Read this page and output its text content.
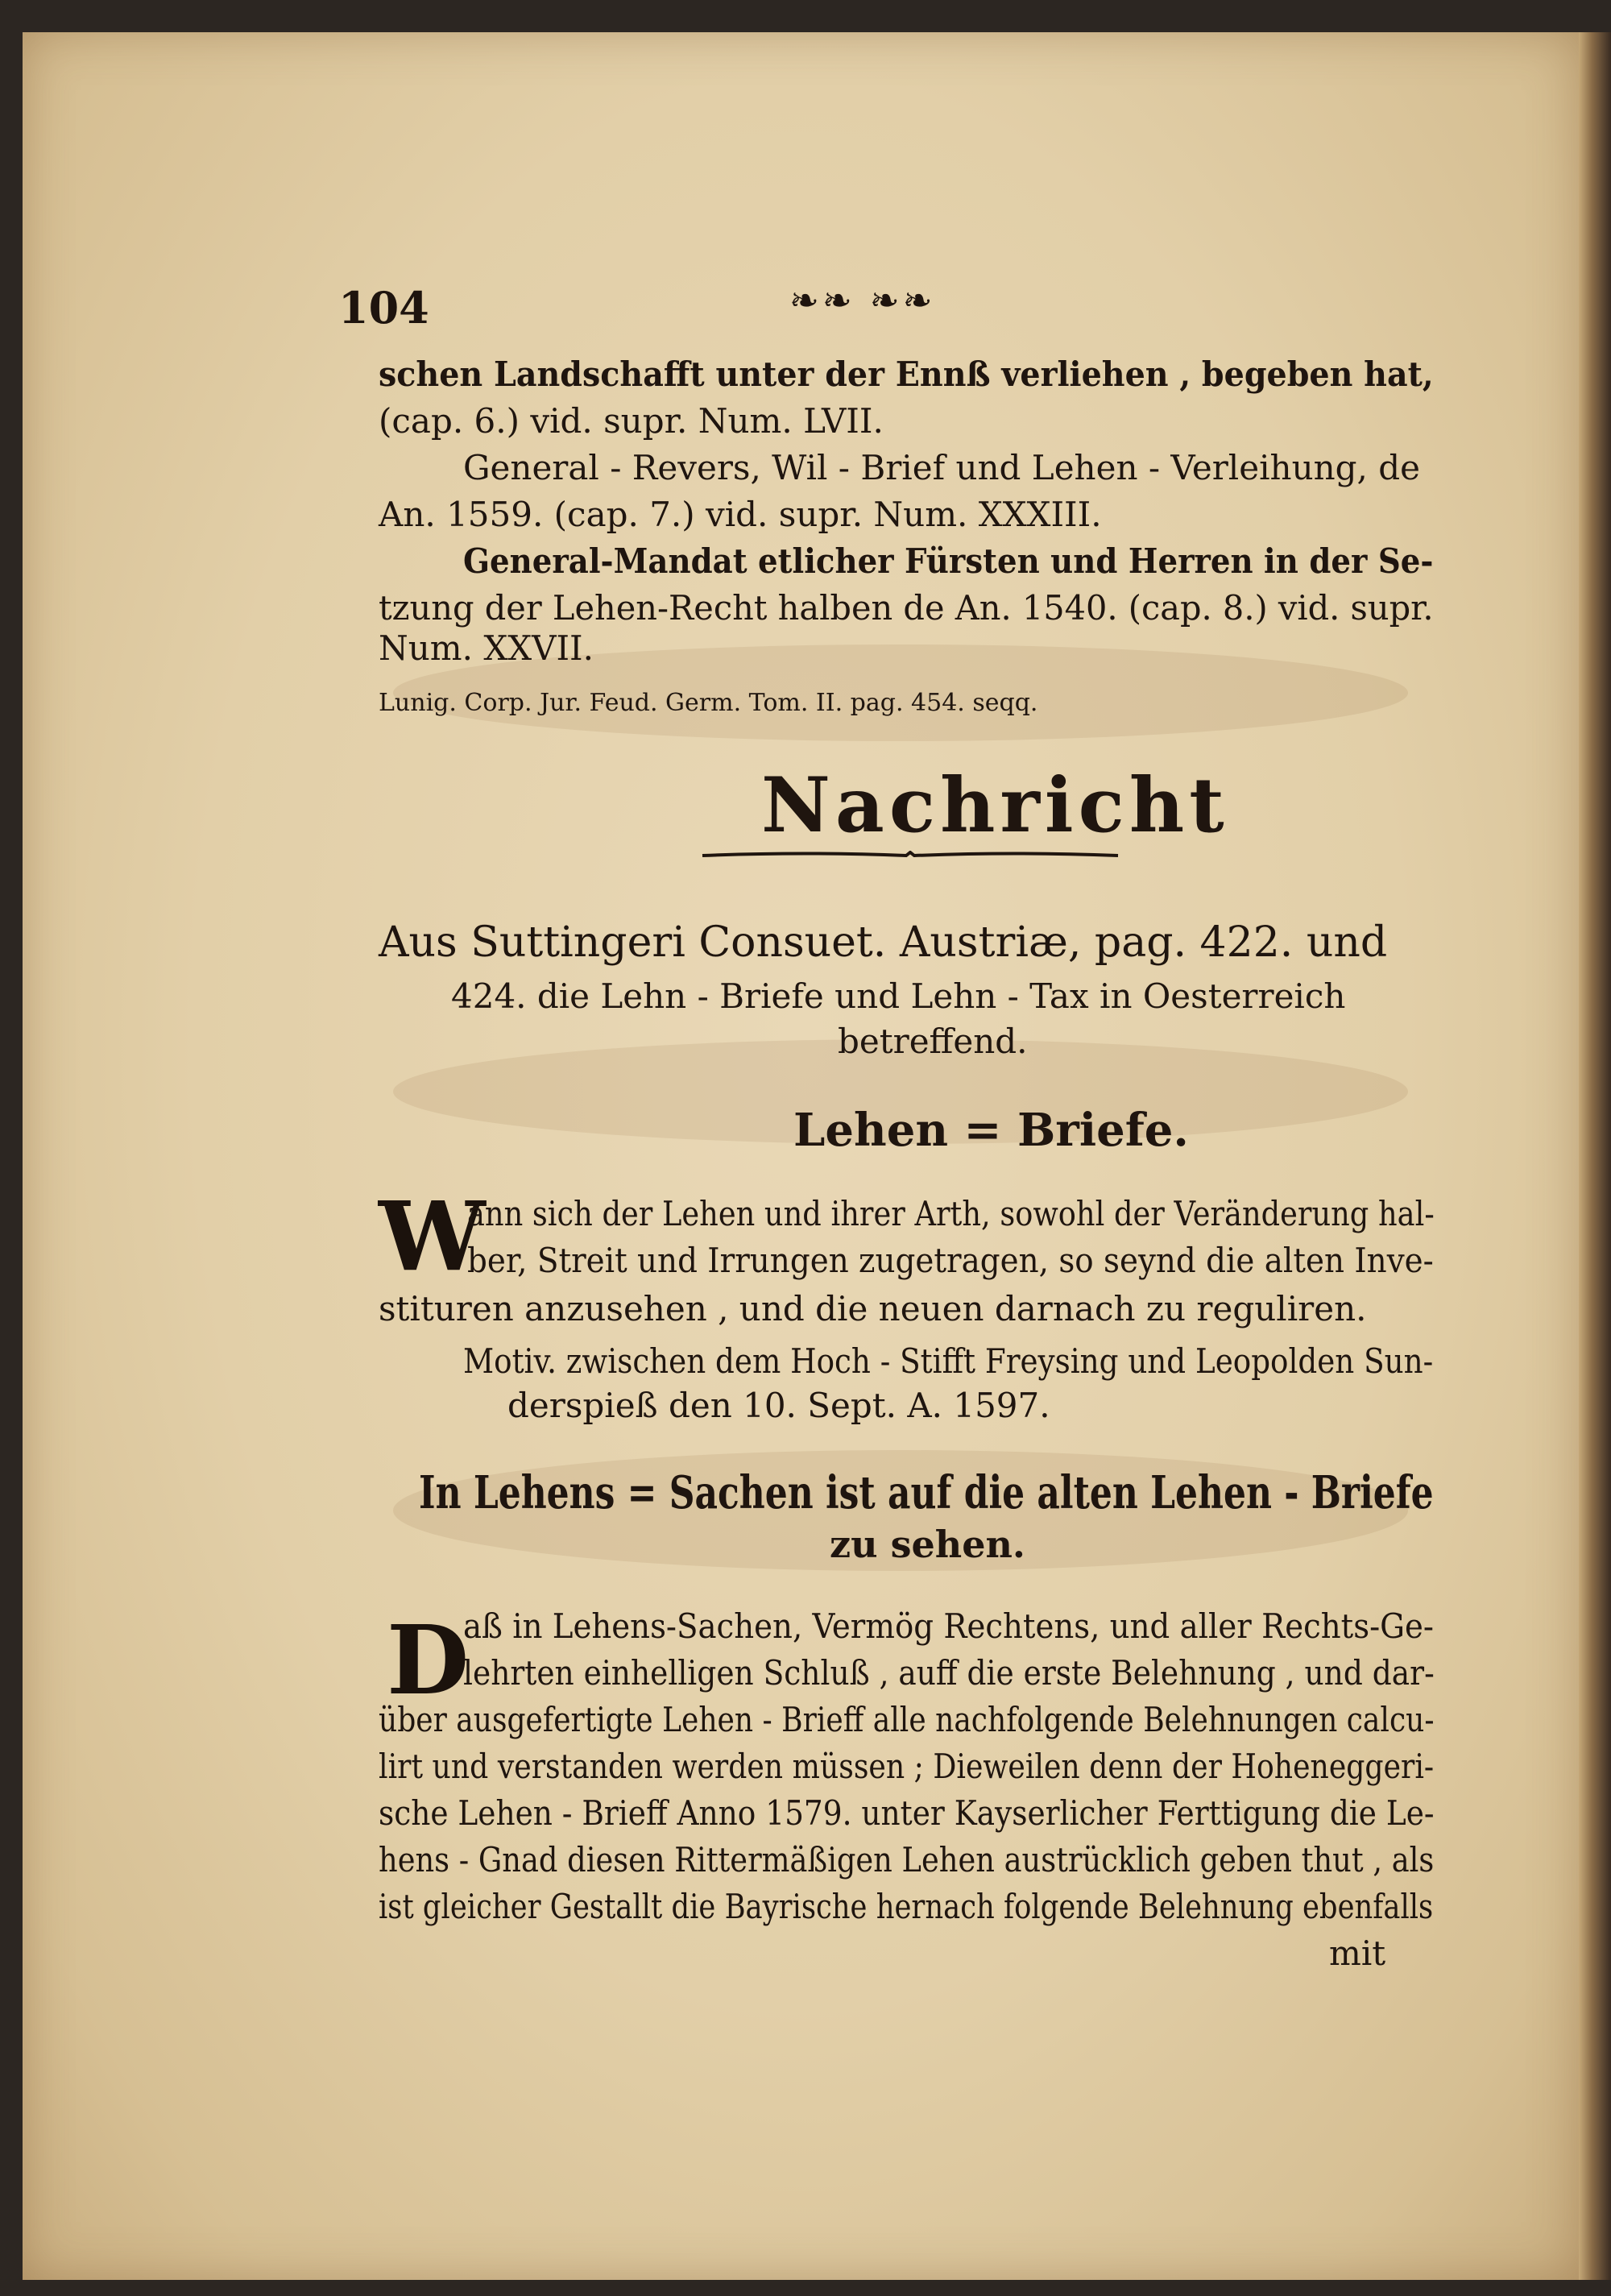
104	❧❧ ❧❧
schen Landschafft unter der Ennß verliehen , begeben hat,
(cap. 6.) vid. supr. Num. LVII.
General - Revers, Wil - Brief und Lehen - Verleihung, de
An. 1559. (cap. 7.) vid. supr. Num. XXXIII.
General-Mandat etlicher Fürsten und Herren in der Se-
tzung der Lehen-Recht halben de An. 1540. (cap. 8.) vid. supr.
Num. XXVII.
Lunig. Corp. Jur. Feud. Germ. Tom. II. pag. 454. seqq.
Nachricht
Aus Suttingeri Consuet. Austriæ, pag. 422. und
424. die Lehn - Briefe und Lehn - Tax in Oesterreich
betreffend.
Lehen = Briefe.
W
ann sich der Lehen und ihrer Arth, sowohl der Veränderung hal-
ber, Streit und Irrungen zugetragen, so seynd die alten Inve-
stituren anzusehen , und die neuen darnach zu reguliren.
Motiv. zwischen dem Hoch - Stifft Freysing und Leopolden Sun-
derspieß den 10. Sept. A. 1597.
In Lehens = Sachen ist auf die alten Lehen - Briefe
zu sehen.
D
aß in Lehens-Sachen, Vermög Rechtens, und aller Rechts-Ge-
lehrten einhelligen Schluß , auff die erste Belehnung , und dar-
über ausgefertigte Lehen - Brieff alle nachfolgende Belehnungen calcu-
lirt und verstanden werden müssen ; Dieweilen denn der Hoheneggeri-
sche Lehen - Brieff Anno 1579. unter Kayserlicher Ferttigung die Le-
hens - Gnad diesen Rittermäßigen Lehen austrücklich geben thut , als
ist gleicher Gestallt die Bayrische hernach folgende Belehnung ebenfalls
mit
